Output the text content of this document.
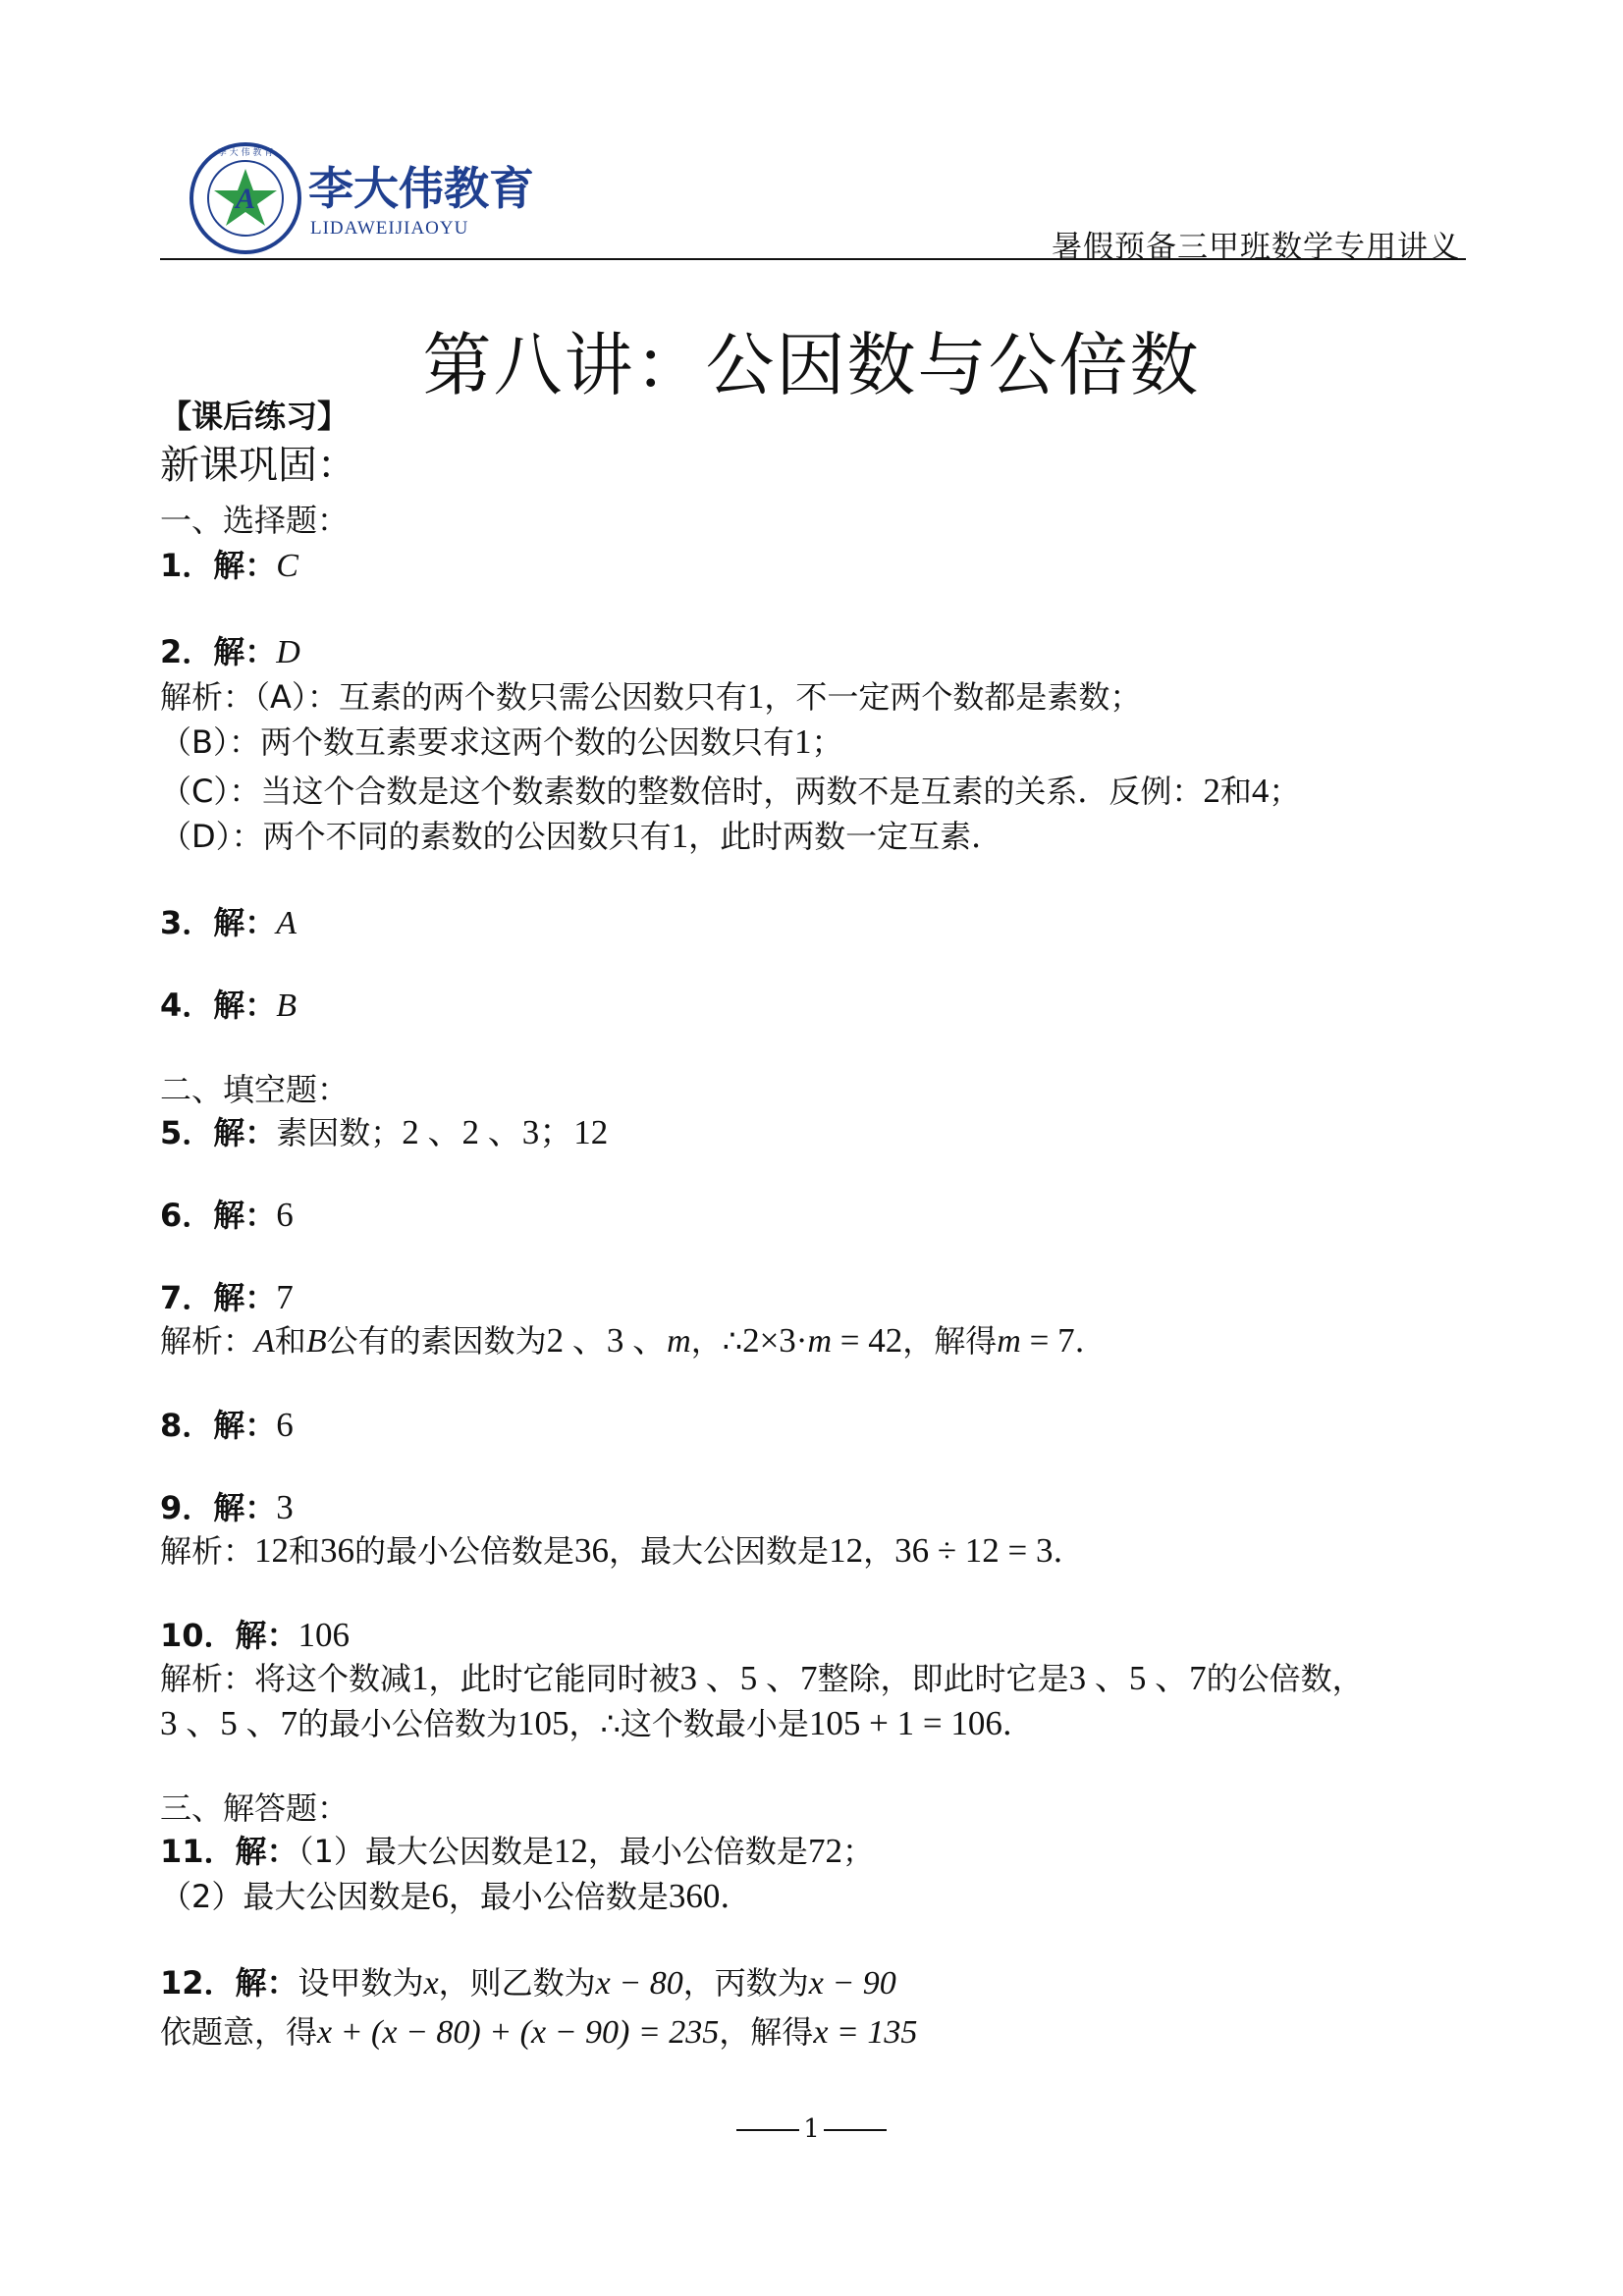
A
李 大 伟 教 育
李大伟教育
LIDAWEIJIAOYU
暑假预备三甲班数学专用讲义
第八讲：公因数与公倍数
【课后练习】
新课巩固：
一、选择题：
1．解：C
2．解：D
解析：（A）：互素的两个数只需公因数只有1，不一定两个数都是素数；
（B）：两个数互素要求这两个数的公因数只有1；
（C）：当这个合数是这个数素数的整数倍时，两数不是互素的关系．反例：2和4；
（D）：两个不同的素数的公因数只有1，此时两数一定互素．
3．解：A
4．解：B
二、填空题：
5．解：素因数；2 、2 、3；12
6．解：6
7．解：7
解析：A和B公有的素因数为2 、3 、m，∴2×3·m = 42，解得m = 7．
8．解：6
9．解：3
解析：12和36的最小公倍数是36，最大公因数是12，36 ÷ 12 = 3．
10．解：106
解析：将这个数减1，此时它能同时被3 、5 、7整除，即此时它是3 、5 、7的公倍数，
3 、5 、7的最小公倍数为105，∴这个数最小是105 + 1 = 106．
三、解答题：
11．解：（1）最大公因数是12，最小公倍数是72；
（2）最大公因数是6，最小公倍数是360．
12．解：设甲数为x，则乙数为x − 80，丙数为x − 90
依题意，得x + (x − 80) + (x − 90) = 235，解得x = 135
1
